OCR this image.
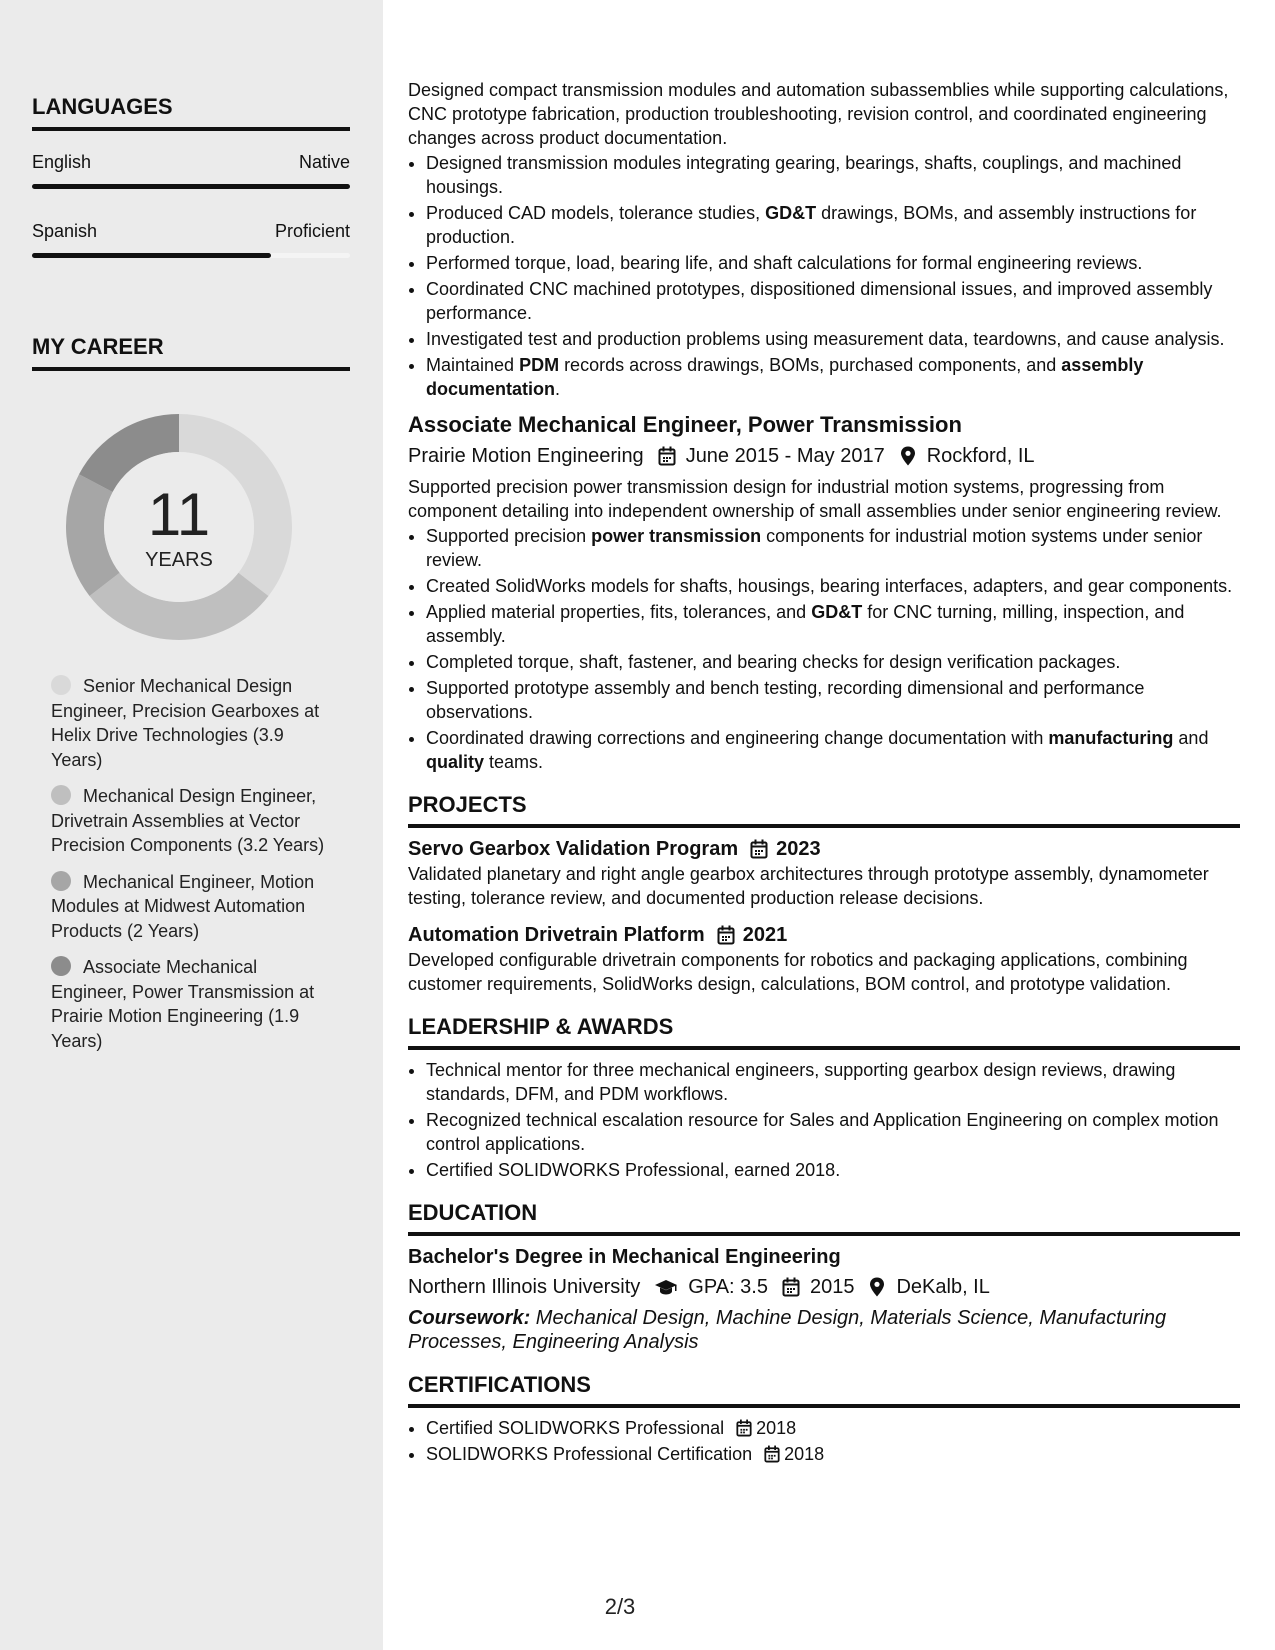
LANGUAGES
English	Native
Spanish	Proficient
MY CAREER
11
YEARS
Senior Mechanical Design Engineer, Precision Gearboxes at Helix Drive Technologies (3.9 Years)
Mechanical Design Engineer, Drivetrain Assemblies at Vector Precision Components (3.2 Years)
Mechanical Engineer, Motion Modules at Midwest Automation Products (2 Years)
Associate Mechanical Engineer, Power Transmission at Prairie Motion Engineering (1.9 Years)

Designed compact transmission modules and automation subassemblies while supporting calculations, CNC prototype fabrication, production troubleshooting, revision control, and coordinated engineering changes across product documentation.

• Designed transmission modules integrating gearing, bearings, shafts, couplings, and machined housings.
• Produced CAD models, tolerance studies, GD&T drawings, BOMs, and assembly instructions for production.
• Performed torque, load, bearing life, and shaft calculations for formal engineering reviews.
• Coordinated CNC machined prototypes, dispositioned dimensional issues, and improved assembly performance.
• Investigated test and production problems using measurement data, teardowns, and cause analysis.
• Maintained PDM records across drawings, BOMs, purchased components, and assembly documentation.
Associate Mechanical Engineer, Power Transmission
Prairie Motion Engineering June 2015 - May 2017 Rockford, IL

Supported precision power transmission design for industrial motion systems, progressing from component detailing into independent ownership of small assemblies under senior engineering review.

• Supported precision power transmission components for industrial motion systems under senior review.
• Created SolidWorks models for shafts, housings, bearing interfaces, adapters, and gear components.
• Applied material properties, fits, tolerances, and GD&T for CNC turning, milling, inspection, and assembly.
• Completed torque, shaft, fastener, and bearing checks for design verification packages.
• Supported prototype assembly and bench testing, recording dimensional and performance observations.
• Coordinated drawing corrections and engineering change documentation with manufacturing and quality teams.
PROJECTS
Servo Gearbox Validation Program 2023

Validated planetary and right angle gearbox architectures through prototype assembly, dynamometer testing, tolerance review, and documented production release decisions.

Automation Drivetrain Platform 2021

Developed configurable drivetrain components for robotics and packaging applications, combining customer requirements, SolidWorks design, calculations, BOM control, and prototype validation.

LEADERSHIP & AWARDS
• Technical mentor for three mechanical engineers, supporting gearbox design reviews, drawing standards, DFM, and PDM workflows.
• Recognized technical escalation resource for Sales and Application Engineering on complex motion control applications.
• Certified SOLIDWORKS Professional, earned 2018.
EDUCATION
Bachelor's Degree in Mechanical Engineering
Northern Illinois University GPA: 3.5 2015 DeKalb, IL
Coursework: Mechanical Design, Machine Design, Materials Science, Manufacturing Processes, Engineering Analysis
CERTIFICATIONS
• Certified SOLIDWORKS Professional 2018
• SOLIDWORKS Professional Certification 2018
2/3
